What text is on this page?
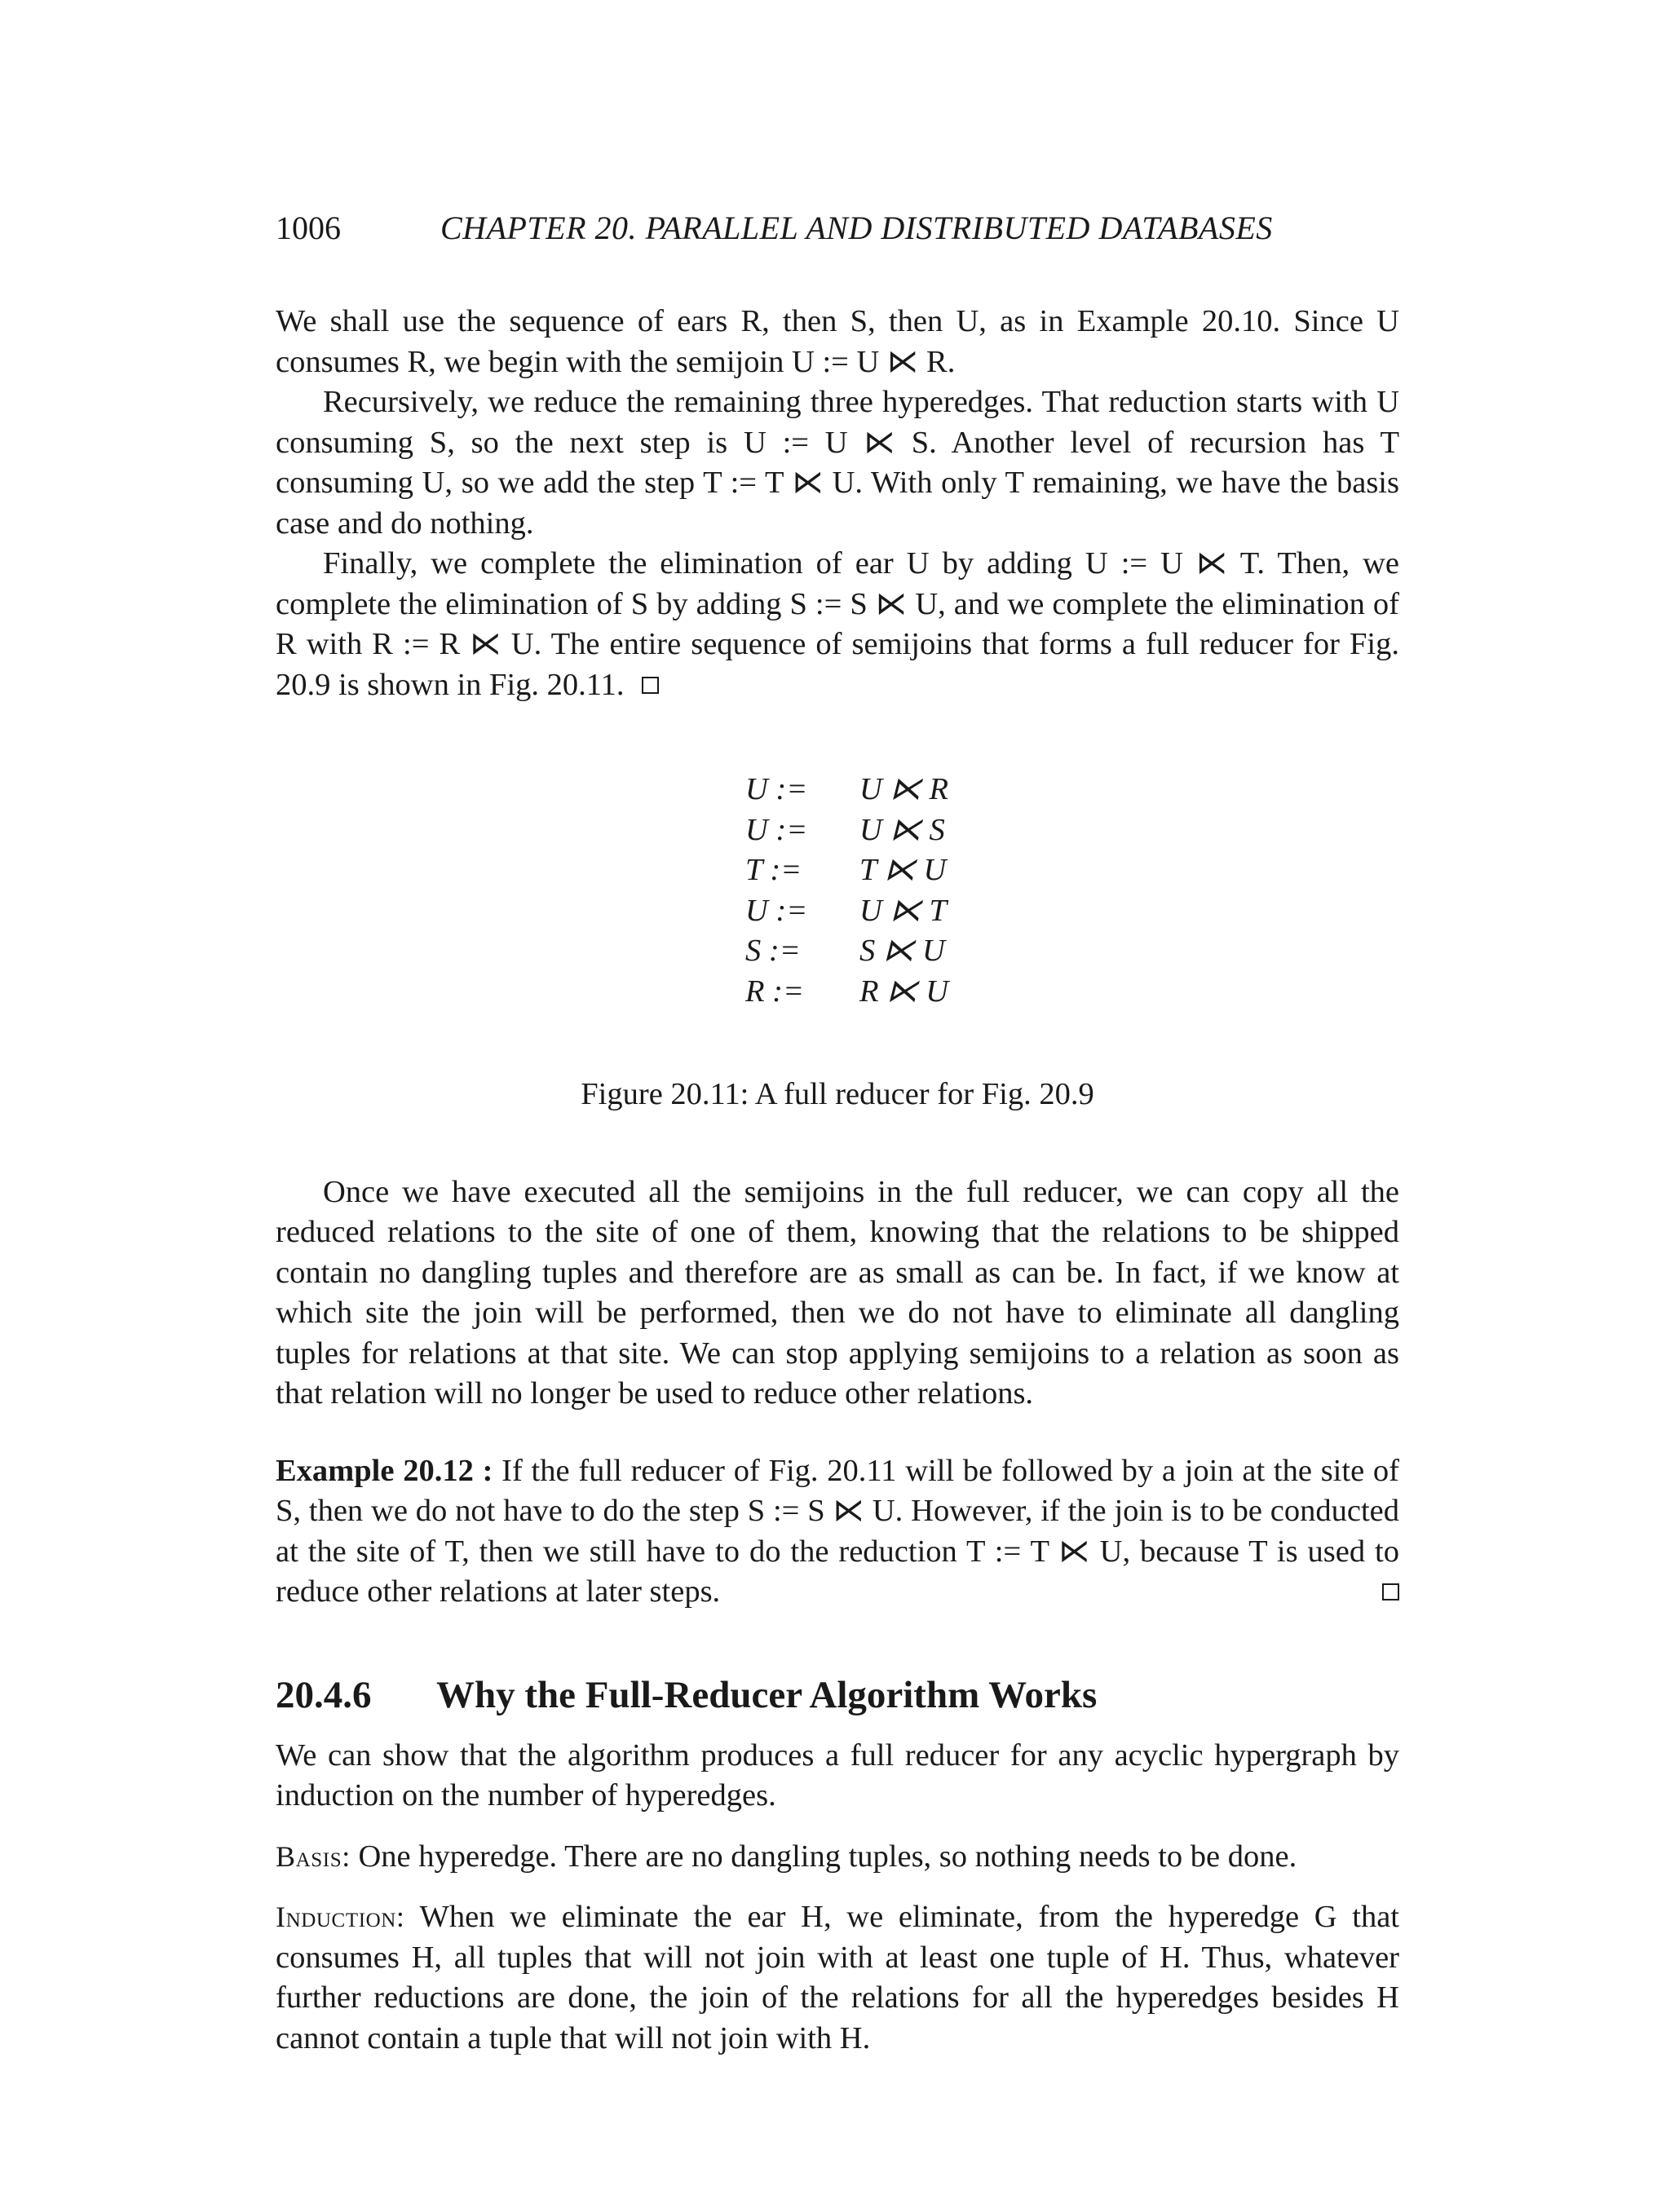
1006	CHAPTER 20. PARALLEL AND DISTRIBUTED DATABASES

We shall use the sequence of ears R, then S, then U, as in Example 20.10. Since U consumes R, we begin with the semijoin U := U ⋉ R.

Recursively, we reduce the remaining three hyperedges. That reduction starts with U consuming S, so the next step is U := U ⋉ S. Another level of recursion has T consuming U, so we add the step T := T ⋉ U. With only T remaining, we have the basis case and do nothing.

Finally, we complete the elimination of ear U by adding U := U ⋉ T. Then, we complete the elimination of S by adding S := S ⋉ U, and we complete the elimination of R with R := R ⋉ U. The entire sequence of semijoins that forms a full reducer for Fig. 20.9 is shown in Fig. 20.11.

U := U ⋉ R
U := U ⋉ S
T := T ⋉ U
U := U ⋉ T
S := S ⋉ U
R := R ⋉ U

Figure 20.11: A full reducer for Fig. 20.9

Once we have executed all the semijoins in the full reducer, we can copy all the reduced relations to the site of one of them, knowing that the relations to be shipped contain no dangling tuples and therefore are as small as can be. In fact, if we know at which site the join will be performed, then we do not have to eliminate all dangling tuples for relations at that site. We can stop applying semijoins to a relation as soon as that relation will no longer be used to reduce other relations.

Example 20.12 : If the full reducer of Fig. 20.11 will be followed by a join at the site of S, then we do not have to do the step S := S ⋉ U. However, if the join is to be conducted at the site of T, then we still have to do the reduction T := T ⋉ U, because T is used to reduce other relations at later steps.

20.4.6 Why the Full-Reducer Algorithm Works

We can show that the algorithm produces a full reducer for any acyclic hypergraph by induction on the number of hyperedges.

Basis: One hyperedge. There are no dangling tuples, so nothing needs to be done.

Induction: When we eliminate the ear H, we eliminate, from the hyperedge G that consumes H, all tuples that will not join with at least one tuple of H. Thus, whatever further reductions are done, the join of the relations for all the hyperedges besides H cannot contain a tuple that will not join with H.
